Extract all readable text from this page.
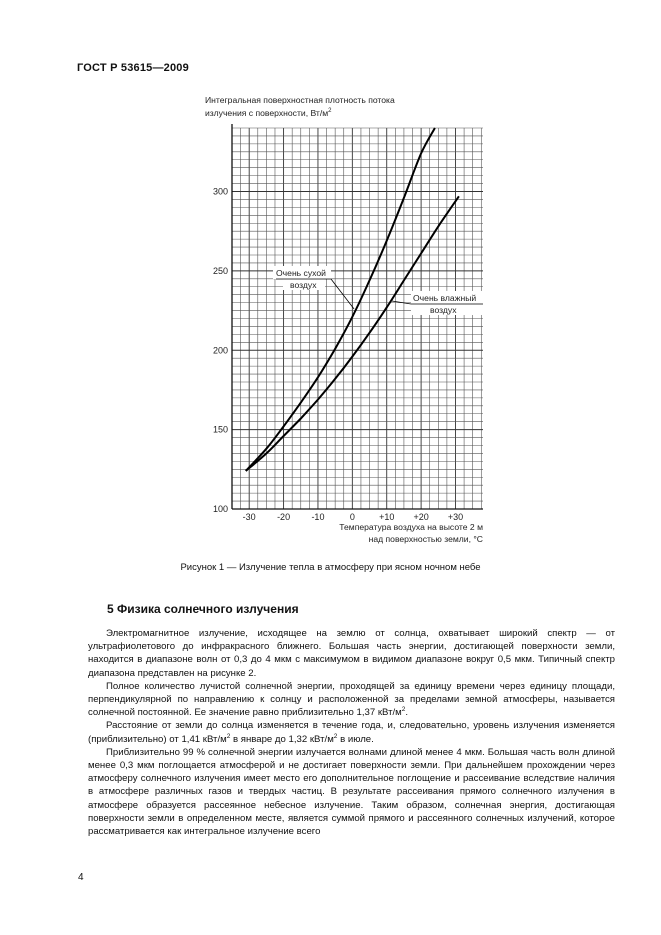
ГОСТ Р 53615—2009
100
150
200
250
300
-30 -20 -10	0	+10 +20 +30
Очень сухой
воздух
Очень влажный
воздух
Интегральная поверхностная плотность потока
излучения с поверхности, $Вт/м^2$
Температура воздуха на высоте 2 м
над поверхностью земли, °С
Рисунок 1 — Излучение тепла в атмосферу при ясном ночном небе
5 Физика солнечного излучения

Электромагнитное излучение, исходящее на землю от солнца, охватывает широкий спектр — от ультрафиолетового до инфракрасного ближнего. Большая часть энергии, достигающей поверхности земли, находится в диапазоне волн от 0,3 до 4 мкм с максимумом в видимом диапазоне вокруг 0,5 мкм. Типичный спектр диапазона представлен на рисунке 2.

Полное количество лучистой солнечной энергии, проходящей за единицу времени через единицу площади, перпендикулярной по направлению к солнцу и расположенной за пределами земной атмосферы, называется солнечной постоянной. Ее значение равно приблизительно 1,37 кВт/$м^2$.

Расстояние от земли до солнца изменяется в течение года, и, следовательно, уровень излучения изменяется (приблизительно) от 1,41 кВт/$м^2$ в январе до 1,32 кВт/$м^2$ в июле.

Приблизительно 99 % солнечной энергии излучается волнами длиной менее 4 мкм. Большая часть волн длиной менее 0,3 мкм поглощается атмосферой и не достигает поверхности земли. При дальнейшем прохождении через атмосферу солнечного излучения имеет место его дополнительное поглощение и рассеивание вследствие наличия в атмосфере различных газов и твердых частиц. В результате рассеивания прямого солнечного излучения в атмосфере образуется рассеянное небесное излучение. Таким образом, солнечная энергия, достигающая поверхности земли в определенном месте, является суммой прямого и рассеянного солнечных излучений, которое рассматривается как интегральное излучение всего

4
